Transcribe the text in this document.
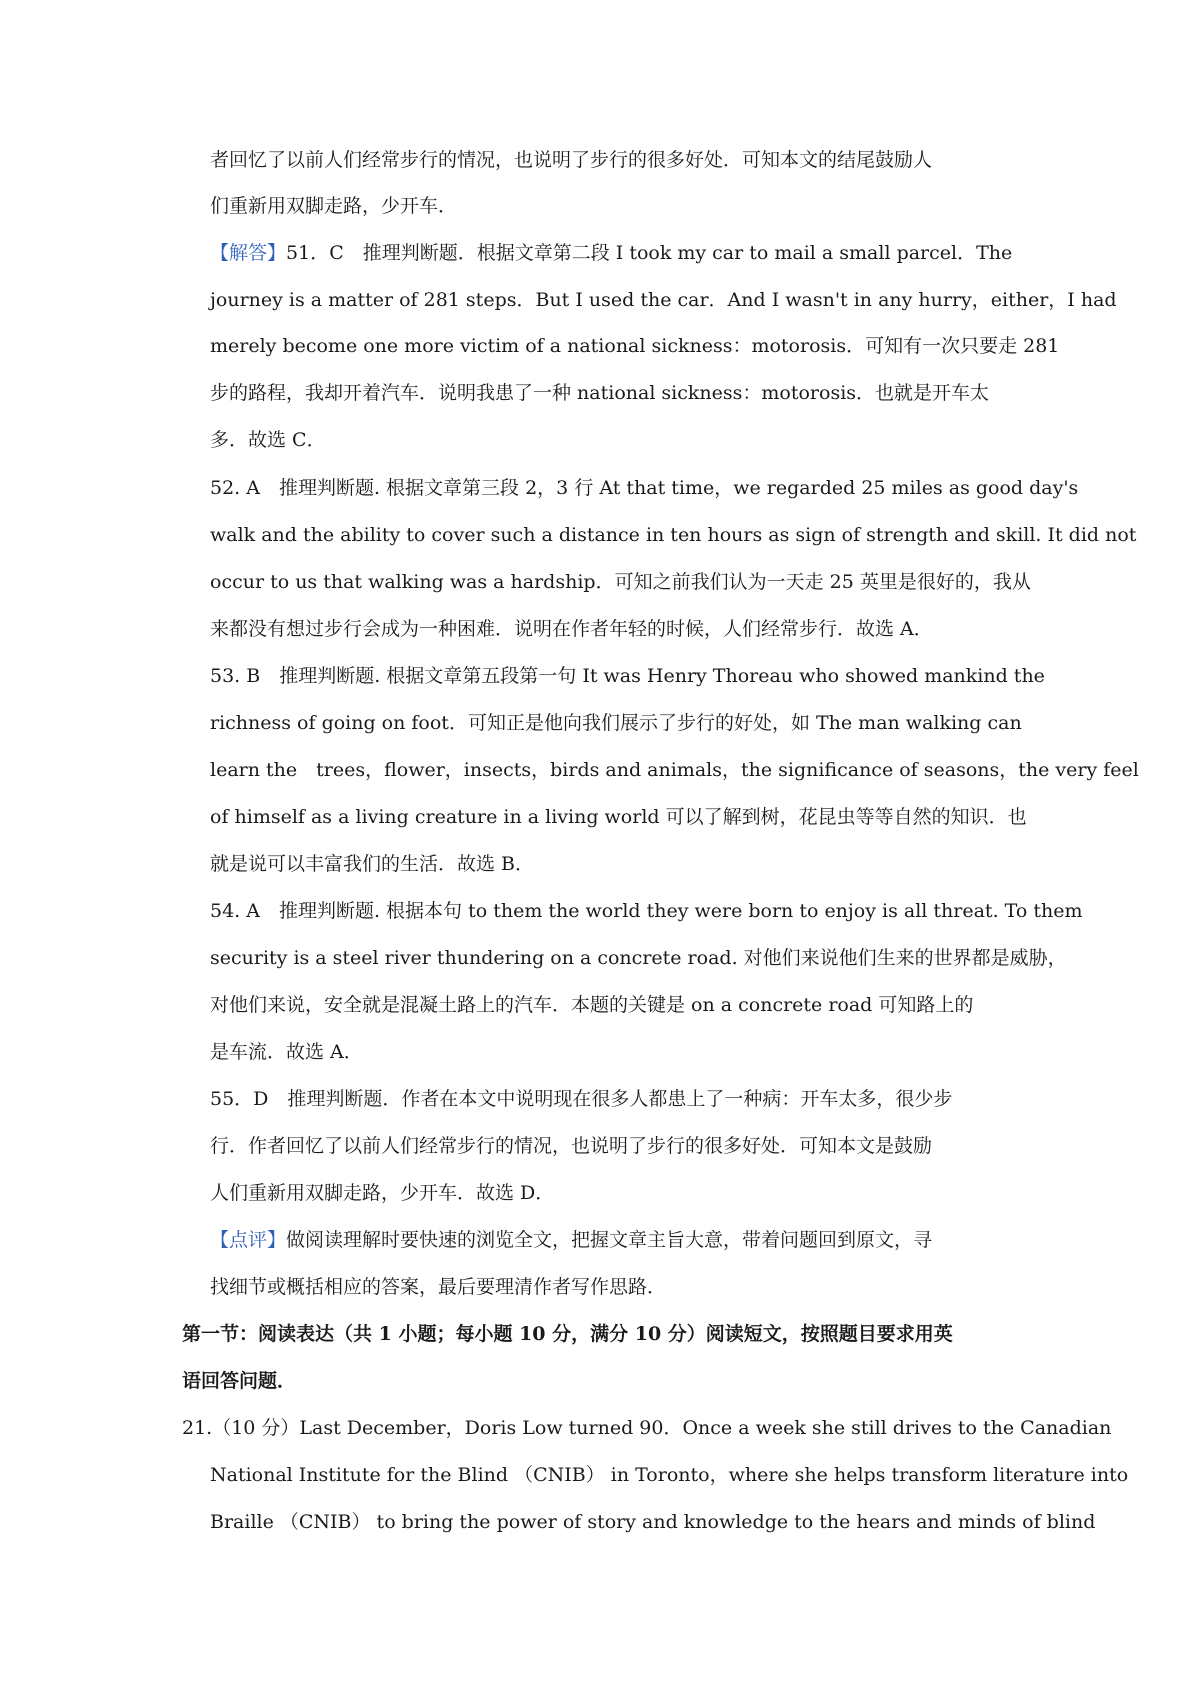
者回忆了以前人们经常步行的情况，也说明了步行的很多好处．可知本文的结尾鼓励人
们重新用双脚走路，少开车．
【解答】51．C　推理判断题．根据文章第二段 I took my car to mail a small parcel．The
journey is a matter of 281 steps．But I used the car．And I wasn't in any hurry，either，I had
merely become one more victim of a national sickness：motorosis．可知有一次只要走 281
步的路程，我却开着汽车．说明我患了一种 national sickness：motorosis．也就是开车太
多．故选 C．
52. A　推理判断题. 根据文章第三段 2，3 行 At that time，we regarded 25 miles as good day's
walk and the ability to cover such a distance in ten hours as sign of strength and skill. It did not
occur to us that walking was a hardship．可知之前我们认为一天走 25 英里是很好的，我从
来都没有想过步行会成为一种困难．说明在作者年轻的时候，人们经常步行．故选 A．
53. B　推理判断题. 根据文章第五段第一句 It was Henry Thoreau who showed mankind the
richness of going on foot．可知正是他向我们展示了步行的好处，如 The man walking can
learn the　trees，flower，insects，birds and animals，the significance of seasons，the very feel
of himself as a living creature in a living world 可以了解到树，花昆虫等等自然的知识．也
就是说可以丰富我们的生活．故选 B．
54. A　推理判断题. 根据本句 to them the world they were born to enjoy is all threat. To them
security is a steel river thundering on a concrete road. 对他们来说他们生来的世界都是威胁，
对他们来说，安全就是混凝土路上的汽车．本题的关键是 on a concrete road 可知路上的
是车流．故选 A．
55．D　推理判断题．作者在本文中说明现在很多人都患上了一种病：开车太多，很少步
行．作者回忆了以前人们经常步行的情况，也说明了步行的很多好处．可知本文是鼓励
人们重新用双脚走路，少开车．故选 D．
【点评】做阅读理解时要快速的浏览全文，把握文章主旨大意，带着问题回到原文，寻
找细节或概括相应的答案，最后要理清作者写作思路．
第一节：阅读表达（共 1 小题；每小题 10 分，满分 10 分）阅读短文，按照题目要求用英
语回答问题．
21.（10 分）Last December，Doris Low turned 90．Once a week she still drives to the Canadian
National Institute for the Blind （CNIB） in Toronto，where she helps transform literature into
Braille （CNIB） to bring the power of story and knowledge to the hears and minds of blind
